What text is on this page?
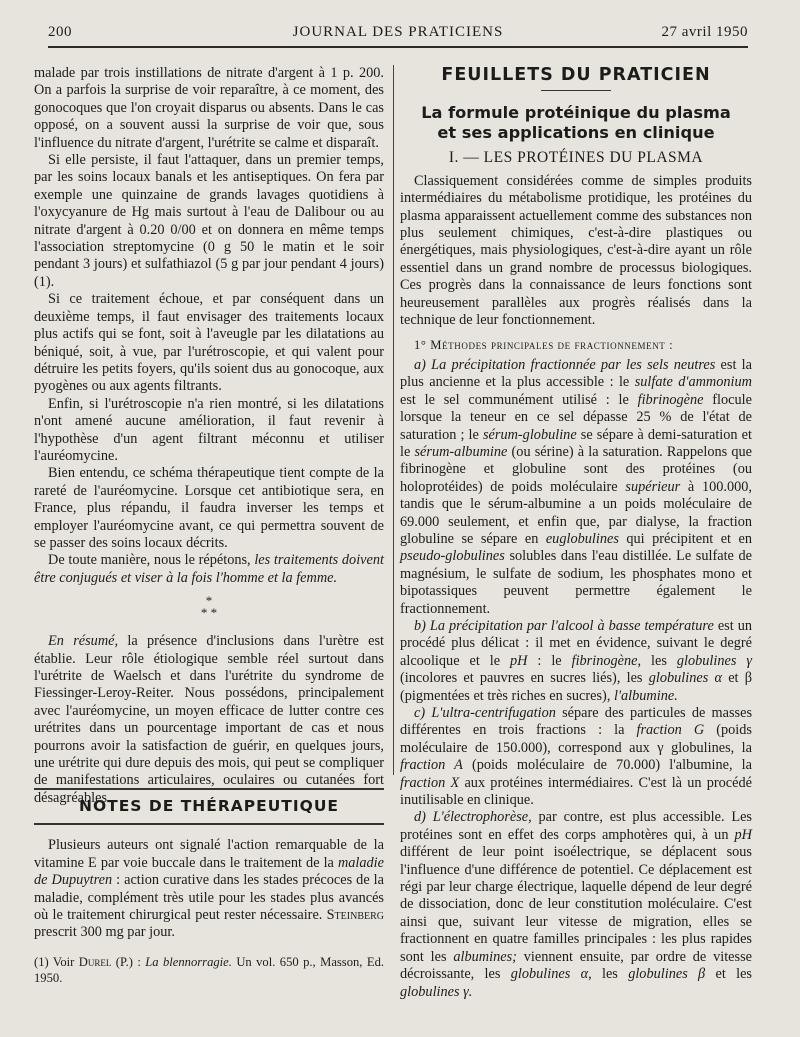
200	JOURNAL DES PRATICIENS	27 avril 1950

malade par trois instillations de nitrate d'argent à 1 p. 200. On a parfois la surprise de voir reparaître, à ce moment, des gonocoques que l'on croyait disparus ou absents. Dans le cas opposé, on a souvent aussi la surprise de voir que, sous l'influence du nitrate d'argent, l'urétrite se calme et disparaît.

Si elle persiste, il faut l'attaquer, dans un premier temps, par les soins locaux banals et les antiseptiques. On fera par exemple une quinzaine de grands lavages quotidiens à l'oxycyanure de Hg mais surtout à l'eau de Dalibour ou au nitrate d'argent à 0.20 0/00 et on donnera en même temps l'association streptomycine (0 g 50 le matin et le soir pendant 3 jours) et sulfathiazol (5 g par jour pendant 4 jours) (1).

Si ce traitement échoue, et par conséquent dans un deuxième temps, il faut envisager des traitements locaux plus actifs qui se font, soit à l'aveugle par les dilatations au béniqué, soit, à vue, par l'urétroscopie, et qui valent pour détruire les petits foyers, qu'ils soient dus au gonocoque, aux pyogènes ou aux agents filtrants.

Enfin, si l'urétroscopie n'a rien montré, si les dilatations n'ont amené aucune amélioration, il faut revenir à l'hypothèse d'un agent filtrant méconnu et utiliser l'auréomycine.

Bien entendu, ce schéma thérapeutique tient compte de la rareté de l'auréomycine. Lorsque cet antibiotique sera, en France, plus répandu, il faudra inverser les temps et employer l'auréomycine avant, ce qui permettra souvent de se passer des soins locaux décrits.

De toute manière, nous le répétons, les traitements doivent être conjugués et viser à la fois l'homme et la femme.

*
* *

En résumé, la présence d'inclusions dans l'urètre est établie. Leur rôle étiologique semble réel surtout dans l'urétrite de Waelsch et dans l'urétrite du syndrome de Fiessinger-Leroy-Reiter. Nous possédons, principalement avec l'auréomycine, un moyen efficace de lutter contre ces urétrites dans un pourcentage important de cas et nous pourrons avoir la satisfaction de guérir, en quelques jours, une urétrite qui dure depuis des mois, qui peut se compliquer de manifestations articulaires, oculaires ou cutanées fort désagréables.

NOTES DE THÉRAPEUTIQUE

Plusieurs auteurs ont signalé l'action remarquable de la vitamine E par voie buccale dans le traitement de la maladie de Dupuytren : action curative dans les stades précoces de la maladie, complément très utile pour les stades plus avancés où le traitement chirurgical peut rester nécessaire. Steinberg prescrit 300 mg par jour.

(1) Voir Durel (P.) : La blennorragie. Un vol. 650 p., Masson, Ed. 1950.
FEUILLETS DU PRATICIEN
La formule protéinique du plasma
et ses applications en clinique
I. — LES PROTÉINES DU PLASMA

Classiquement considérées comme de simples produits intermédiaires du métabolisme protidique, les protéines du plasma apparaissent actuellement comme des substances non plus seulement chimiques, c'est-à-dire plastiques ou énergétiques, mais physiologiques, c'est-à-dire ayant un rôle essentiel dans un grand nombre de processus biologiques. Ces progrès dans la connaissance de leurs fonctions sont heureusement parallèles aux progrès réalisés dans la technique de leur fonctionnement.

1° Méthodes principales de fractionnement :

a) La précipitation fractionnée par les sels neutres est la plus ancienne et la plus accessible : le sulfate d'ammonium est le sel communément utilisé : le fibrinogène flocule lorsque la teneur en ce sel dépasse 25 % de l'état de saturation ; le sérum-globuline se sépare à demi-saturation et le sérum-albumine (ou sérine) à la saturation. Rappelons que fibrinogène et globuline sont des protéines (ou holoprotéides) de poids moléculaire supérieur à 100.000, tandis que le sérum-albumine a un poids moléculaire de 69.000 seulement, et enfin que, par dialyse, la fraction globuline se sépare en euglobulines qui précipitent et en pseudo-globulines solubles dans l'eau distillée. Le sulfate de magnésium, le sulfate de sodium, les phosphates mono et bipotassiques peuvent permettre également le fractionnement.

b) La précipitation par l'alcool à basse température est un procédé plus délicat : il met en évidence, suivant le degré alcoolique et le pH : le fibrinogène, les globulines γ (incolores et pauvres en sucres liés), les globulines α et β (pigmentées et très riches en sucres), l'albumine.

c) L'ultra-centrifugation sépare des particules de masses différentes en trois fractions : la fraction G (poids moléculaire de 150.000), correspond aux γ globulines, la fraction A (poids moléculaire de 70.000) l'albumine, la fraction X aux protéines intermédiaires. C'est là un procédé inutilisable en clinique.

d) L'électrophorèse, par contre, est plus accessible. Les protéines sont en effet des corps amphotères qui, à un pH différent de leur point isoélectrique, se déplacent sous l'influence d'une différence de potentiel. Ce déplacement est régi par leur charge électrique, laquelle dépend de leur degré de dissociation, donc de leur constitution moléculaire. C'est ainsi que, suivant leur vitesse de migration, elles se fractionnent en quatre familles principales : les plus rapides sont les albumines; viennent ensuite, par ordre de vitesse décroissante, les globulines α, les globulines β et les globulines γ.
